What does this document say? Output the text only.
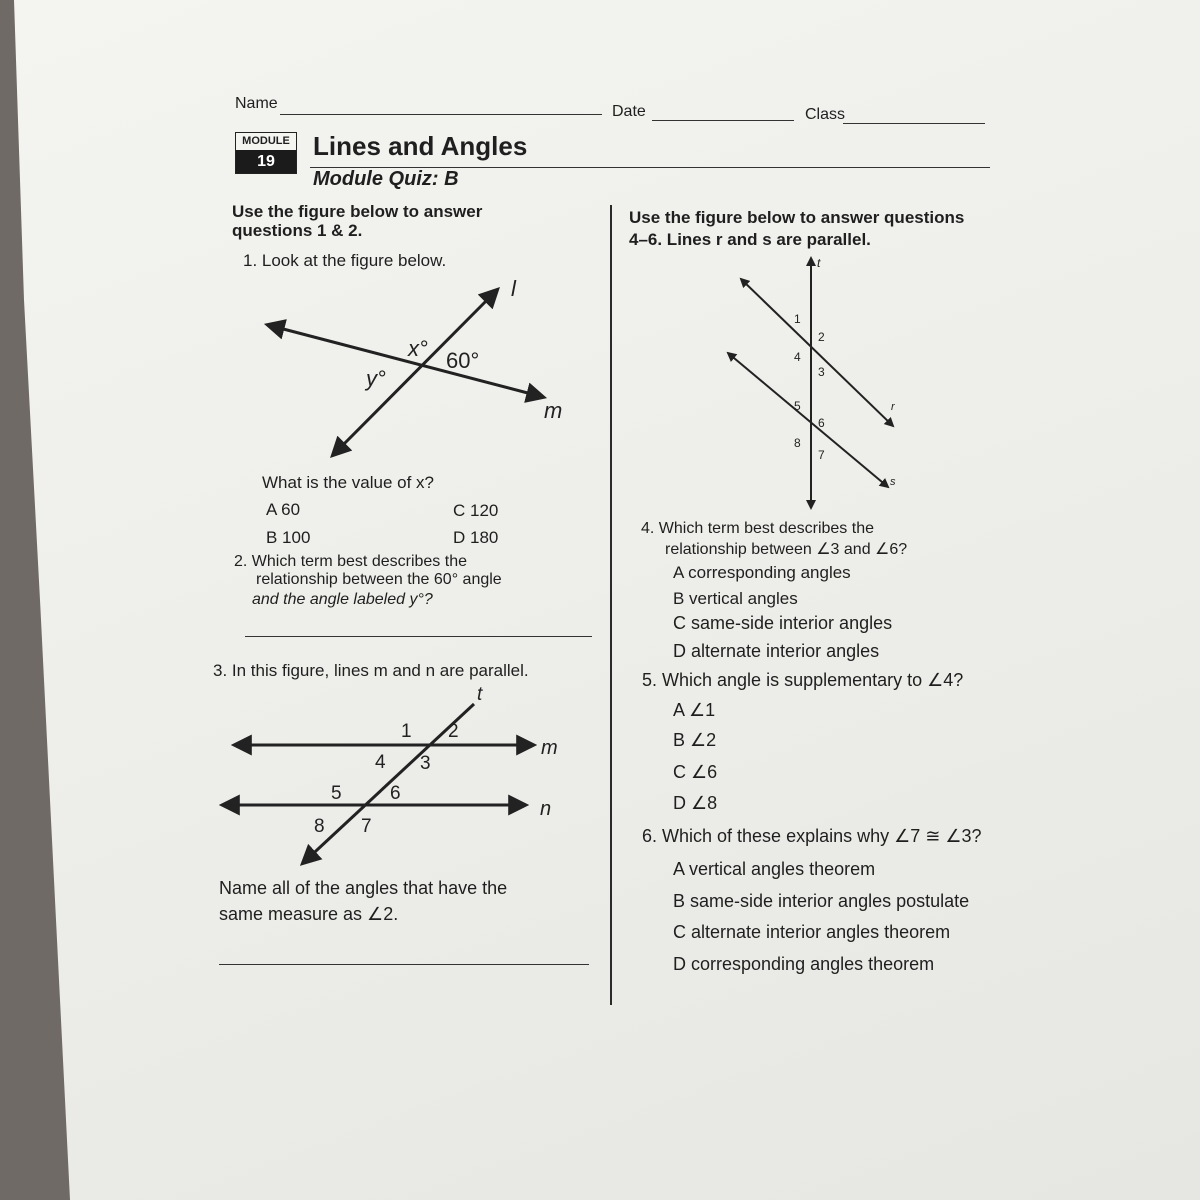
Name	Date	Class
MODULE
19
Lines and Angles
Module Quiz: B
Use the figure below to answer
questions 1 & 2.
1. Look at the figure below.
What is the value of x?
A 60	C 120
B 100	D 180
2. Which term best describes the
relationship between the 60° angle
and the angle labeled y°?
3. In this figure, lines m and n are parallel.
Name all of the angles that have the
same measure as ∠2.
Use the figure below to answer questions
4–6. Lines r and s are parallel.
4. Which term best describes the
relationship between ∠3 and ∠6?
A corresponding angles
B vertical angles
C same-side interior angles
D alternate interior angles
5. Which angle is supplementary to ∠4?
A ∠1
B ∠2
C ∠6
D ∠8
6. Which of these explains why ∠7 ≅ ∠3?
A vertical angles theorem
B same-side interior angles postulate
C alternate interior angles theorem
D corresponding angles theorem
l
m
x° 60°
y°
t
r
s
1
2
4
3
5
6
8
7
t
m
n
1 2
4 3
5	6
8 7
